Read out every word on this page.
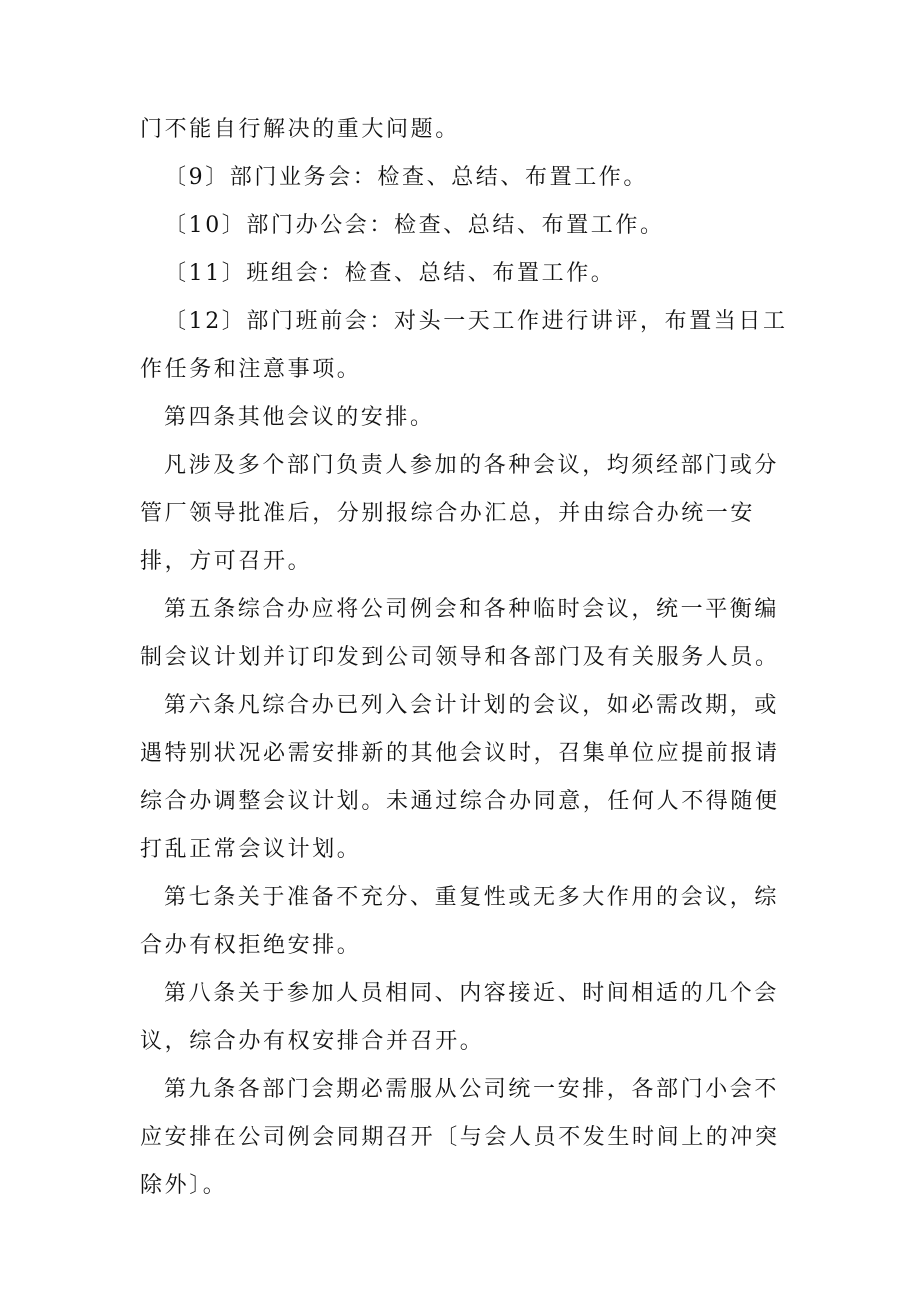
门不能自行解决的重大问题。

〔9〕部门业务会：检查、总结、布置工作。

〔10〕部门办公会：检查、总结、布置工作。

〔11〕班组会：检查、总结、布置工作。

〔12〕部门班前会：对头一天工作进行讲评，布置当日工作任务和注意事项。

第四条其他会议的安排。

凡涉及多个部门负责人参加的各种会议，均须经部门或分管厂领导批准后，分别报综合办汇总，并由综合办统一安排，方可召开。

第五条综合办应将公司例会和各种临时会议，统一平衡编制会议计划并订印发到公司领导和各部门及有关服务人员。

第六条凡综合办已列入会计计划的会议，如必需改期，或遇特别状况必需安排新的其他会议时，召集单位应提前报请综合办调整会议计划。未通过综合办同意，任何人不得随便打乱正常会议计划。

第七条关于准备不充分、重复性或无多大作用的会议，综合办有权拒绝安排。

第八条关于参加人员相同、内容接近、时间相适的几个会议，综合办有权安排合并召开。

第九条各部门会期必需服从公司统一安排，各部门小会不应安排在公司例会同期召开〔与会人员不发生时间上的冲突除外〕。
